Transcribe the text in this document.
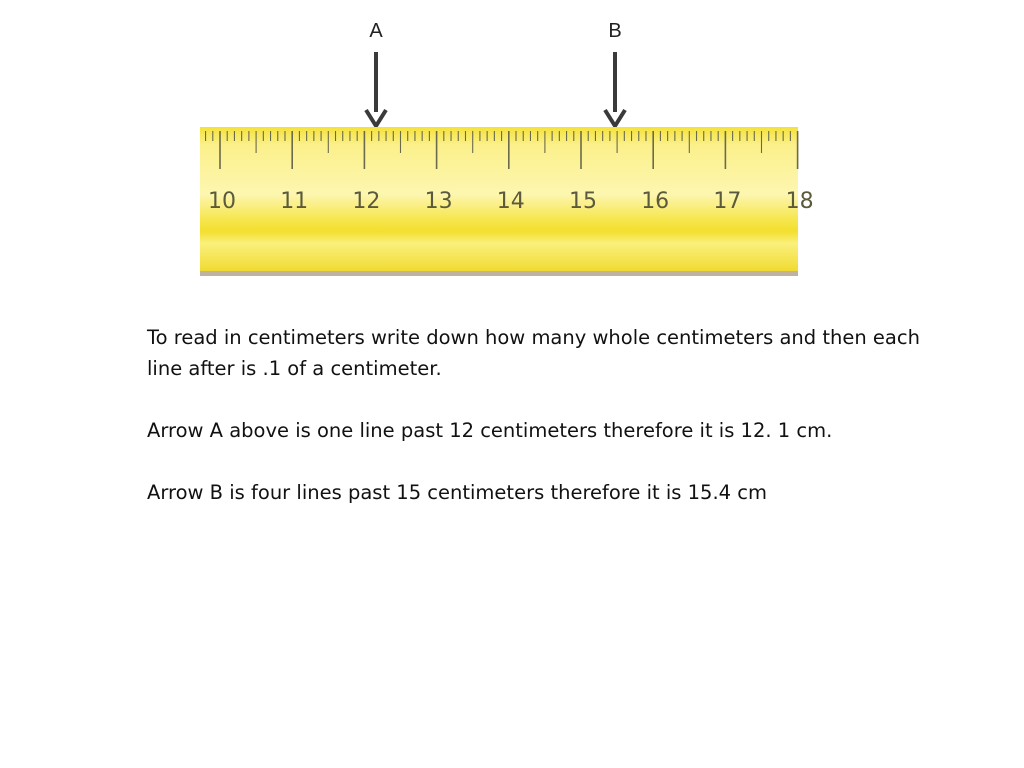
A	B
10 11 12 13 14 15 16 17 18

To read in centimeters write down how many whole centimeters and then each line after is .1 of a centimeter.

Arrow A above is one line past 12 centimeters therefore it is 12. 1 cm.

Arrow B is four lines past 15 centimeters therefore it is 15.4 cm
